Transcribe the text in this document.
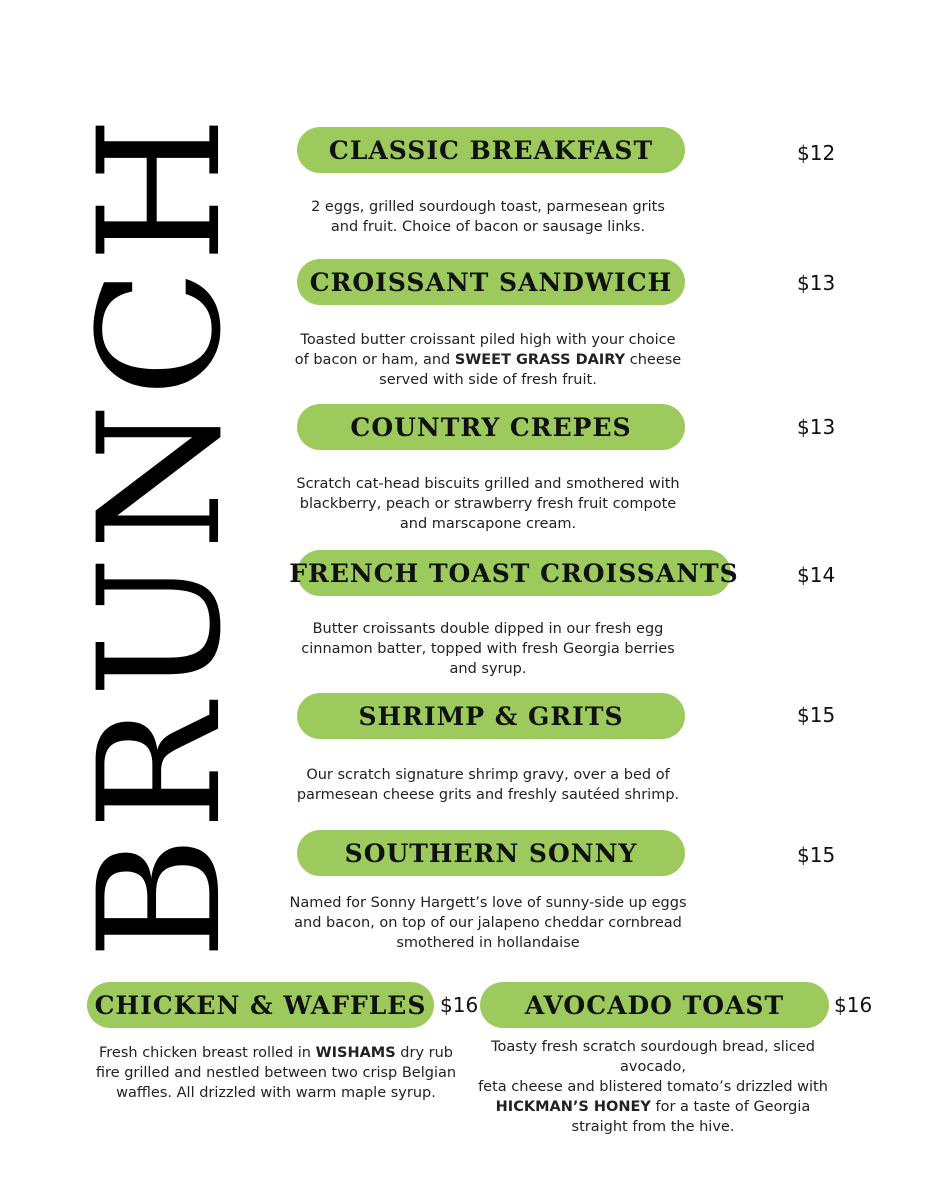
BRUNCH	CLASSIC BREAKFAST	$12
2 eggs, grilled sourdough toast, parmesean grits
and fruit. Choice of bacon or sausage links.
CROISSANT SANDWICH	$13
Toasted butter croissant piled high with your choice
of bacon or ham, and SWEET GRASS DAIRY cheese
served with side of fresh fruit.
COUNTRY CREPES	$13
Scratch cat-head biscuits grilled and smothered with
blackberry, peach or strawberry fresh fruit compote
and marscapone cream.
FRENCH TOAST CROISSANTS	$14
Butter croissants double dipped in our fresh egg
cinnamon batter, topped with fresh Georgia berries
and syrup.
SHRIMP & GRITS	$15
Our scratch signature shrimp gravy, over a bed of
parmesean cheese grits and freshly sautéed shrimp.
SOUTHERN SONNY	$15
Named for Sonny Hargett’s love of sunny-side up eggs
and bacon, on top of our jalapeno cheddar cornbread
smothered in hollandaise
CHICKEN & WAFFLES $16
Fresh chicken breast rolled in WISHAMS dry rub
fire grilled and nestled between two crisp Belgian
waffles. All drizzled with warm maple syrup.
AVOCADO TOAST	$16
Toasty fresh scratch sourdough bread, sliced avocado,
feta cheese and blistered tomato’s drizzled with
HICKMAN’S HONEY for a taste of Georgia
straight from the hive.
